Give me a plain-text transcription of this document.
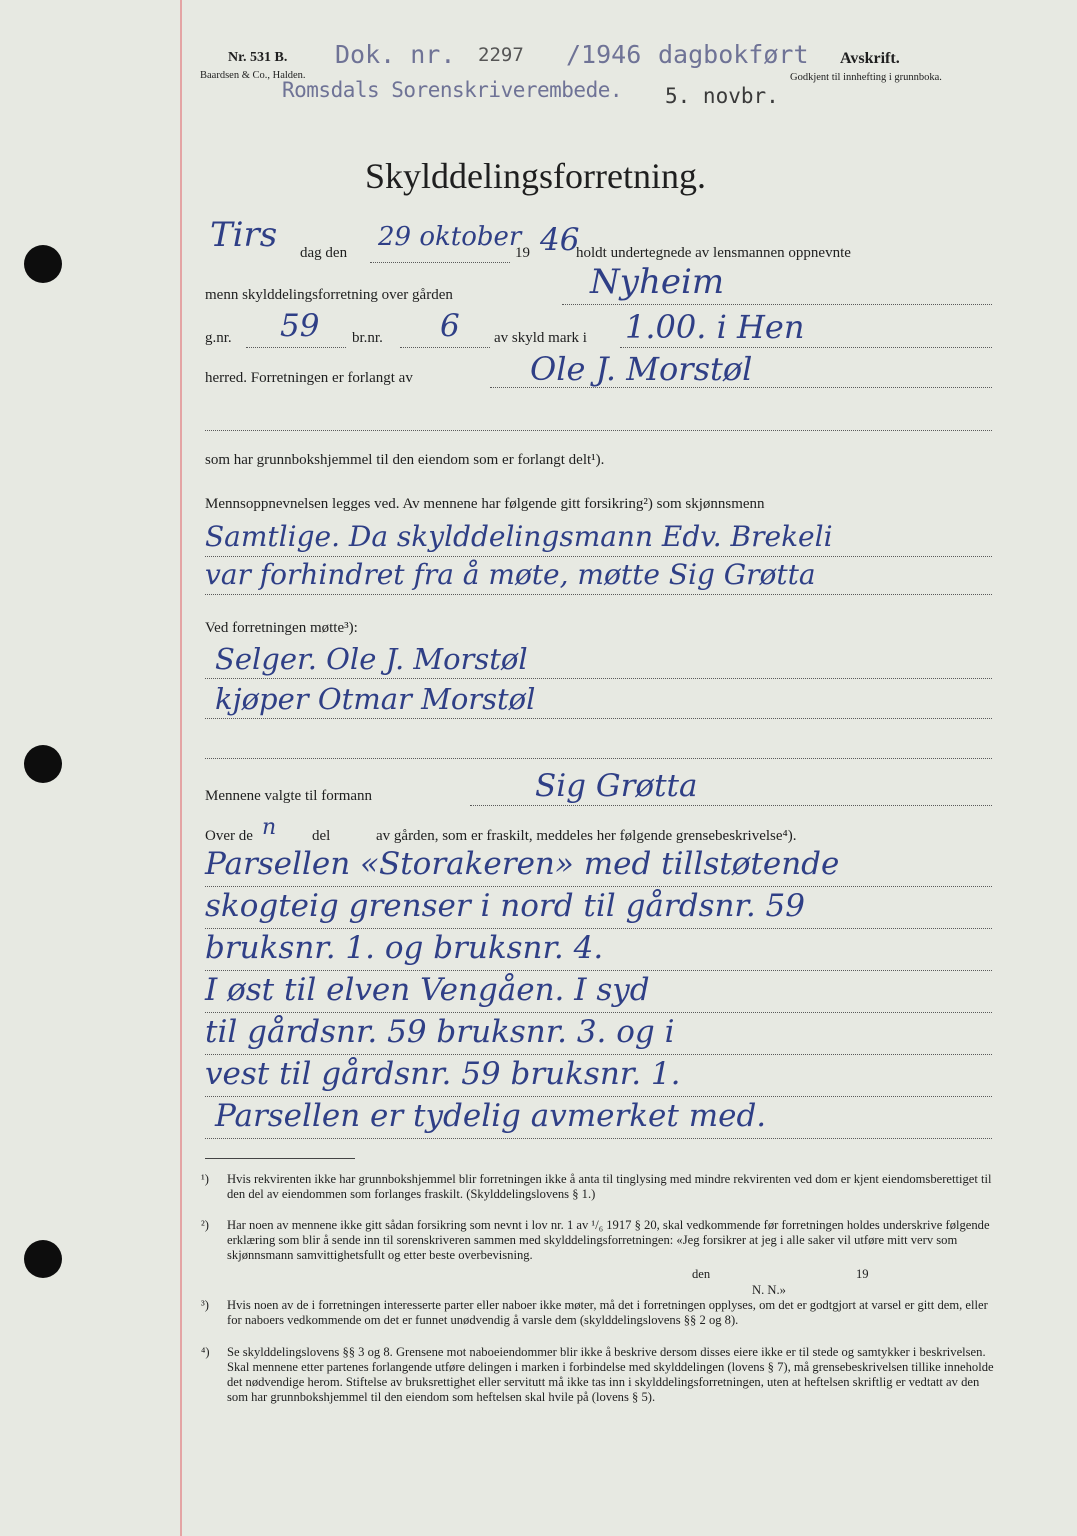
Nr. 531 B.
Baardsen & Co., Halden.
Dok. nr. 2297 /1946 dagbokført
Romsdals Sorenskriverembede. 5. novbr.
Avskrift.
Godkjent til innhefting i grunnboka.
Skylddelingsforretning.
Tirs dag den
29 oktober
19 46
holdt undertegnede av lensmannen oppnevnte
menn skylddelingsforretning over gården	Nyheim
g.nr. 59 br.nr. 6 av skyld mark i 1.00. i Hen
herred. Forretningen er forlangt av	Ole J. Morstøl
som har grunnbokshjemmel til den eiendom som er forlangt delt¹).
Mennsoppnevnelsen legges ved. Av mennene har følgende gitt forsikring²) som skjønnsmenn
Samtlige. Da skylddelingsmann Edv. Brekeli
var forhindret fra å møte, møtte Sig Grøtta
Ved forretningen møtte³):
Selger. Ole J. Morstøl
kjøper Otmar Morstøl
Mennene valgte til formann	Sig Grøtta
Over de n del	av gården, som er fraskilt, meddeles her følgende grensebeskrivelse⁴).
Parsellen «Storakeren» med tillstøtende
skogteig grenser i nord til gårdsnr. 59
bruksnr. 1. og bruksnr. 4.
I øst til elven Vengåen. I syd
til gårdsnr. 59 bruksnr. 3. og i
vest til gårdsnr. 59 bruksnr. 1.
Parsellen er tydelig avmerket med.
¹) Hvis rekvirenten ikke har grunnbokshjemmel blir forretningen ikke å anta til tinglysing med mindre rekvirenten ved dom er kjent eiendomsberettiget til den del av eiendommen som forlanges fraskilt. (Skylddelingslovens § 1.)
²) Har noen av mennene ikke gitt sådan forsikring som nevnt i lov nr. 1 av ¹/₆ 1917 § 20, skal vedkommende før forretningen holdes underskrive følgende erklæring som blir å sende inn til sorenskriveren sammen med skylddelingsforretningen: «Jeg forsikrer at jeg i alle saker vil utføre mitt verv som skjønnsmann samvittighetsfullt og etter beste overbevisning.
den	19
N. N.»
³) Hvis noen av de i forretningen interesserte parter eller naboer ikke møter, må det i forretningen opplyses, om det er godtgjort at varsel er gitt dem, eller for naboers vedkommende om det er funnet unødvendig å varsle dem (skylddelingslovens §§ 2 og 8).
⁴) Se skylddelingslovens §§ 3 og 8. Grensene mot naboeiendommer blir ikke å beskrive dersom disses eiere ikke er til stede og samtykker i beskrivelsen. Skal mennene etter partenes forlangende utføre delingen i marken i forbindelse med skylddelingen (lovens § 7), må grensebeskrivelsen tillike inneholde det nødvendige herom. Stiftelse av bruksrettighet eller servitutt må ikke tas inn i skylddelingsforretningen, uten at heftelsen skriftlig er vedtatt av den som har grunnbokshjemmel til den eiendom som heftelsen skal hvile på (lovens § 5).
